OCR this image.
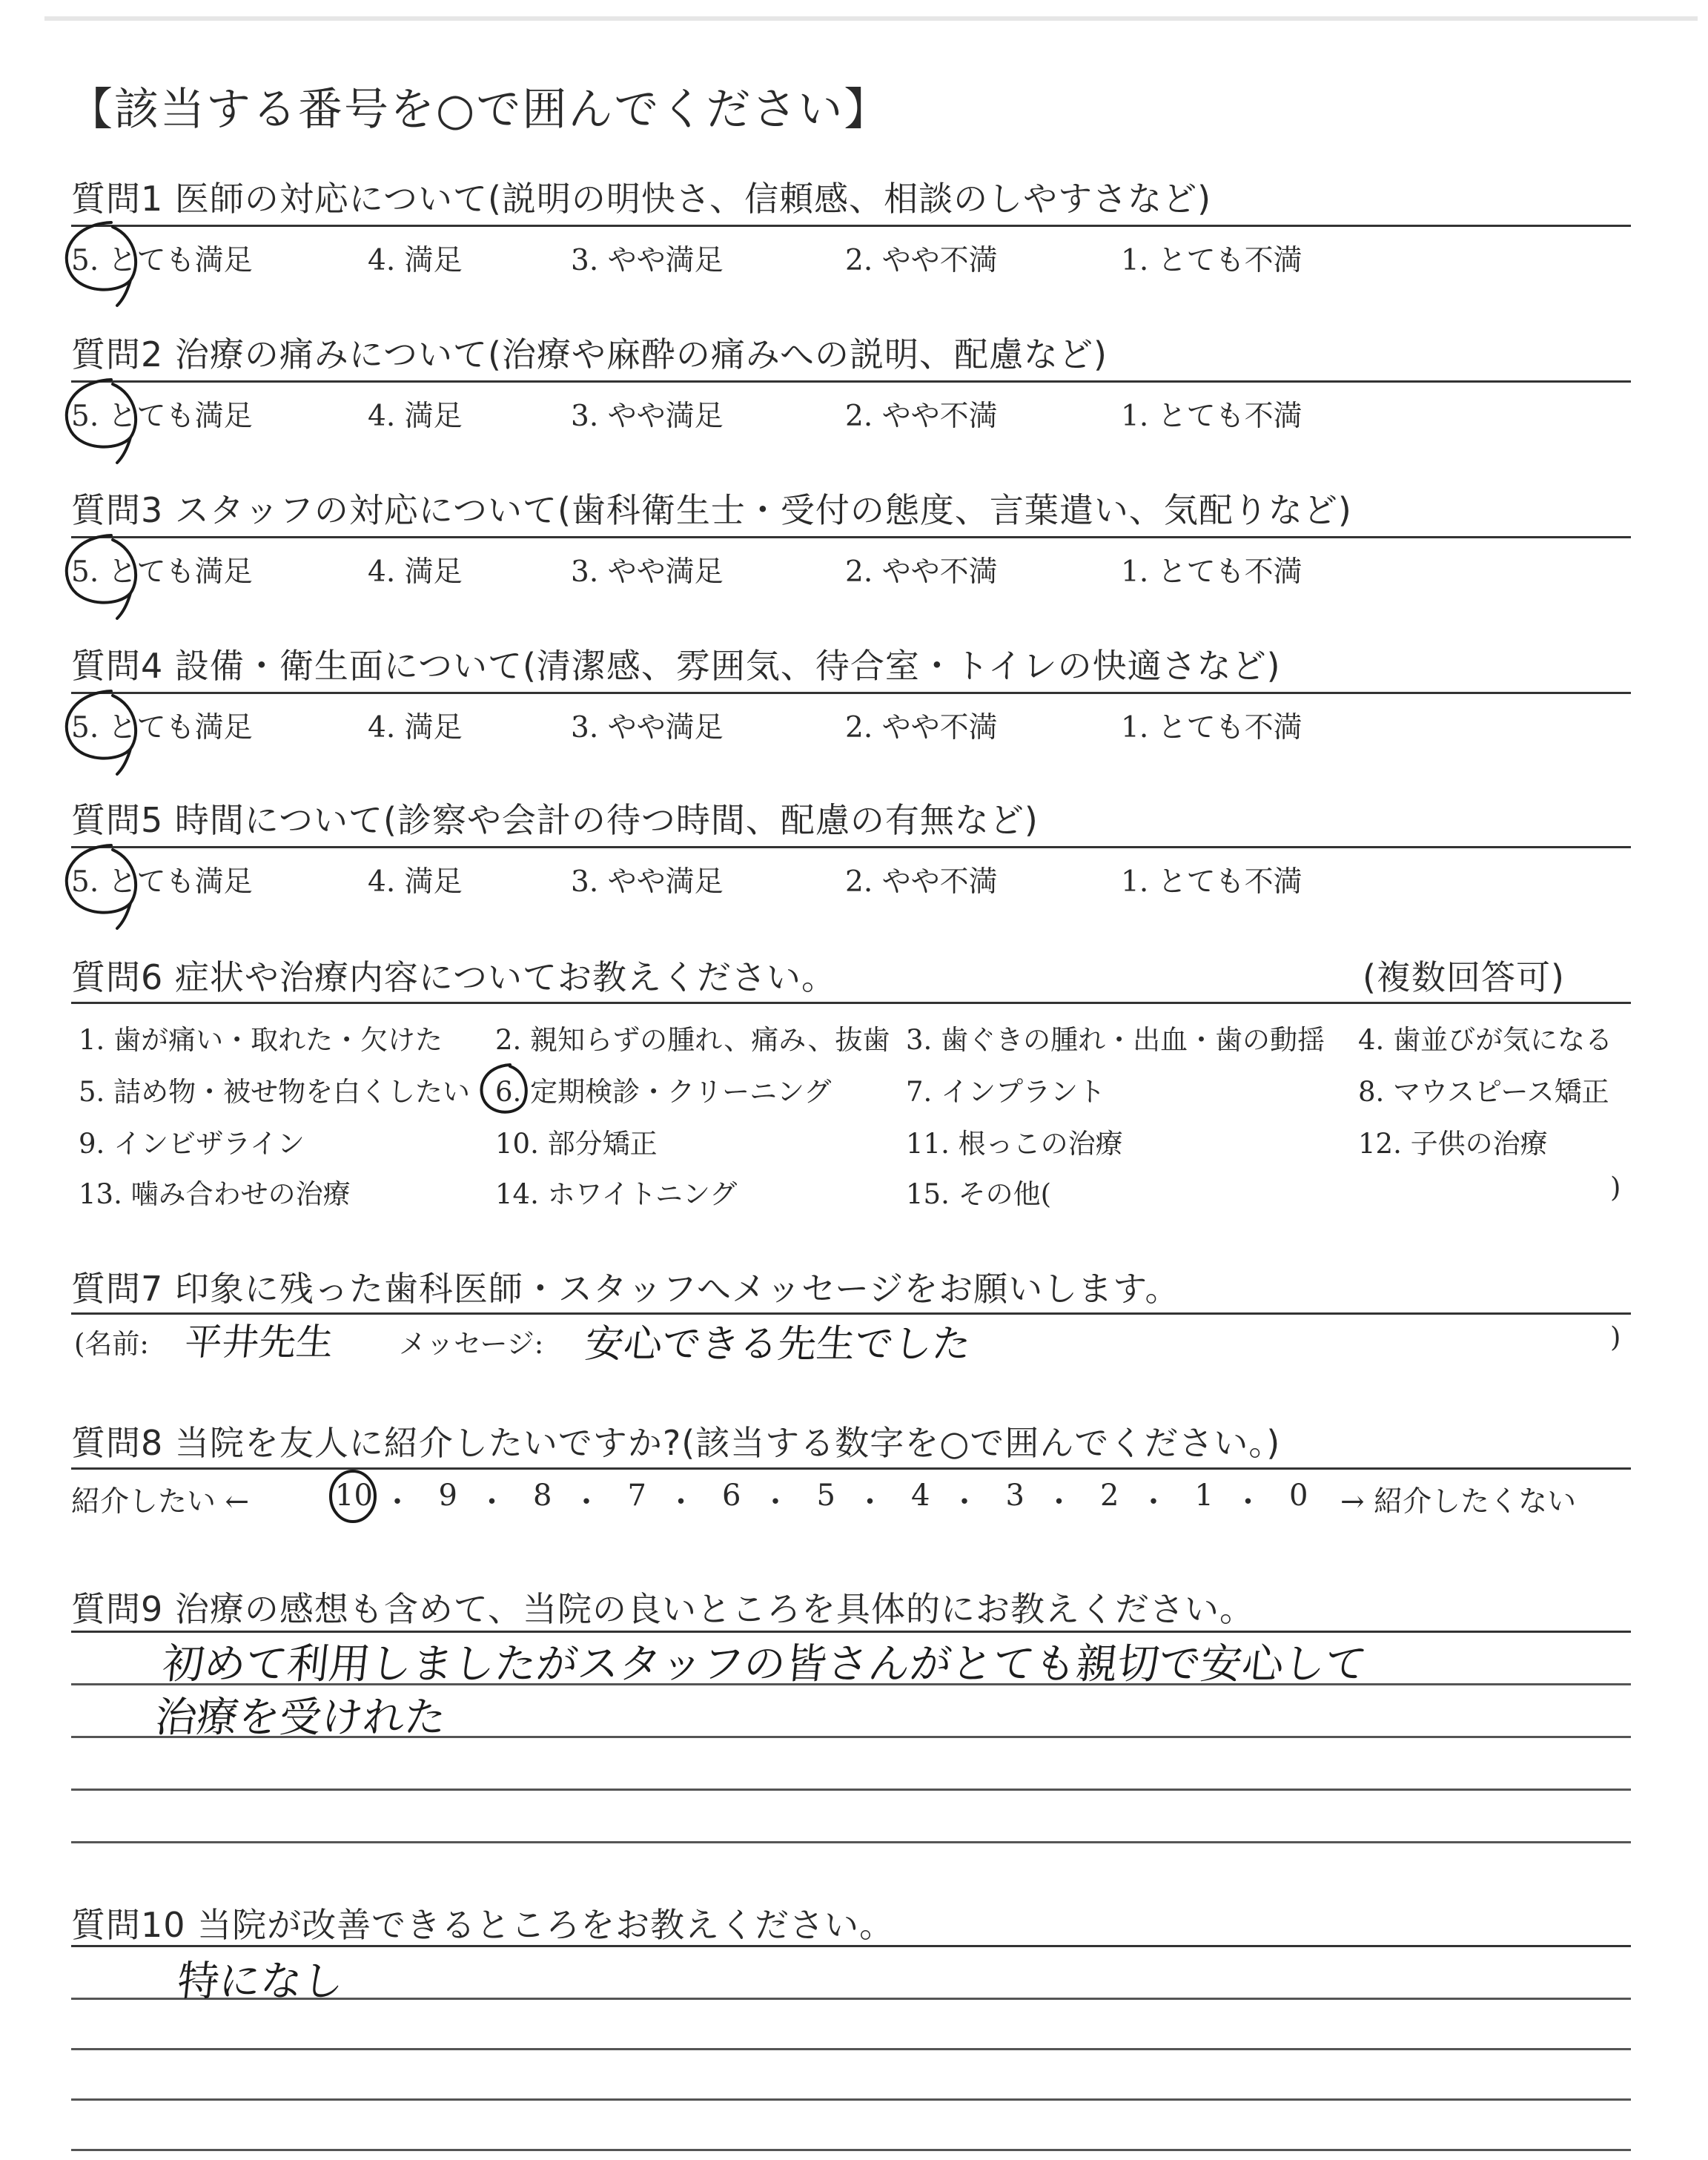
【該当する番号を○で囲んでください】
質問1 医師の対応について(説明の明快さ、信頼感、相談のしやすさなど)
5. とても満足	4. 満足	3. やや満足	2. やや不満	1. とても不満
質問2 治療の痛みについて(治療や麻酔の痛みへの説明、配慮など)
5. とても満足	4. 満足	3. やや満足	2. やや不満	1. とても不満
質問3 スタッフの対応について(歯科衛生士・受付の態度、言葉遣い、気配りなど)
5. とても満足	4. 満足	3. やや満足	2. やや不満	1. とても不満
質問4 設備・衛生面について(清潔感、雰囲気、待合室・トイレの快適さなど)
5. とても満足	4. 満足	3. やや満足	2. やや不満	1. とても不満
質問5 時間について(診察や会計の待つ時間、配慮の有無など)
5. とても満足	4. 満足	3. やや満足	2. やや不満	1. とても不満
質問6 症状や治療内容についてお教えください。	(複数回答可)
1. 歯が痛い・取れた・欠けた 2. 親知らずの腫れ、痛み、抜歯 3. 歯ぐきの腫れ・出血・歯の動揺 4. 歯並びが気になる
5. 詰め物・被せ物を白くしたい 6. 定期検診・クリーニング	7. インプラント	8. マウスピース矯正
9. インビザライン	10. 部分矯正	11. 根っこの治療	12. 子供の治療
13. 噛み合わせの治療	14. ホワイトニング	15. その他(	)
質問7 印象に残った歯科医師・スタッフへメッセージをお願いします。
(名前: 平井先生 メッセージ: 安心できる先生でした	)
質問8 当院を友人に紹介したいですか?(該当する数字を○で囲んでください。)
紹介したい ←	10 ・ 9 ・ 8 ・ 7 ・ 6 ・ 5 ・ 4 ・ 3 ・ 2 ・ 1 ・ 0 → 紹介したくない
質問9 治療の感想も含めて、当院の良いところを具体的にお教えください。
初めて利用しましたがスタッフの皆さんがとても親切で安心して
治療を受けれた
質問10 当院が改善できるところをお教えください。
特になし
